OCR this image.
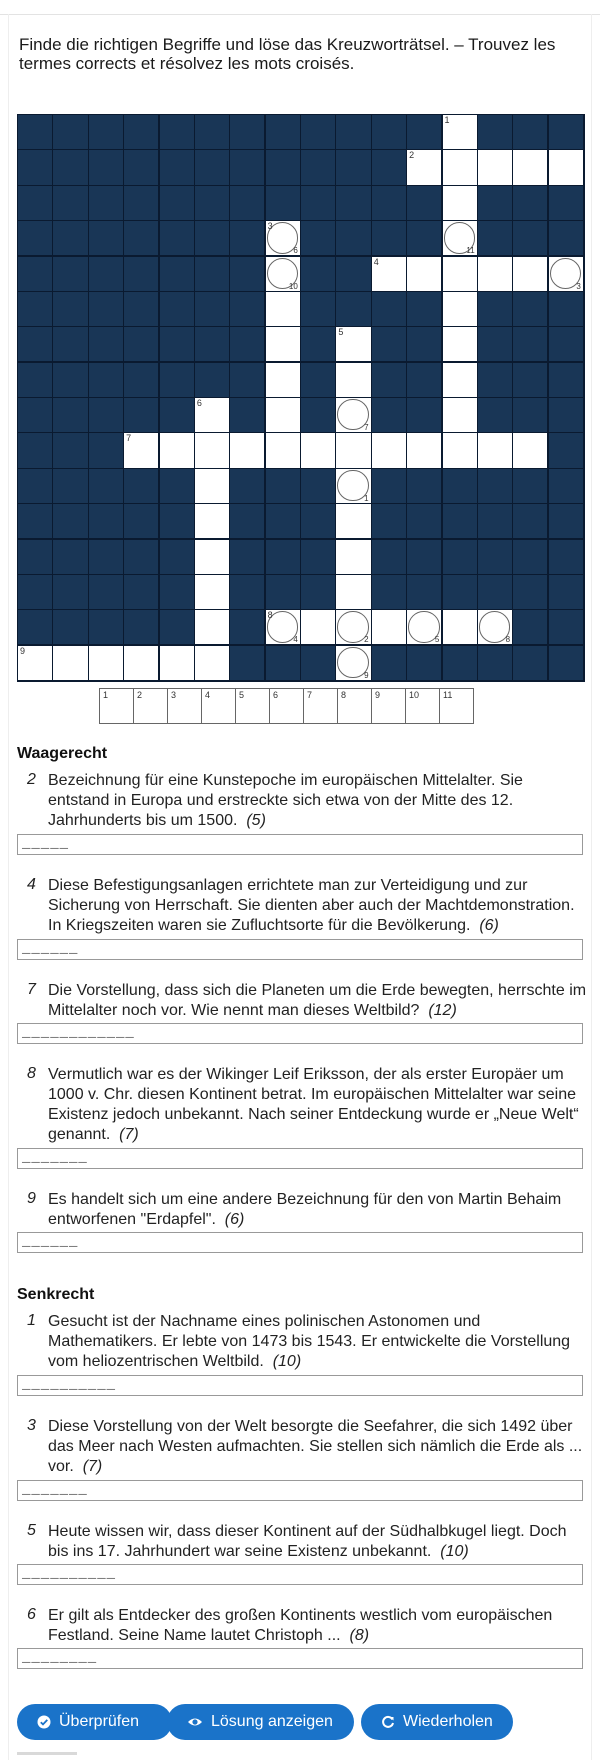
Finde die richtigen Begriffe und löse das Kreuzworträtsel. – Trouvez les termes corrects et résolvez les mots croisés.

1
2
6
3
11
10
4
3
5
6
7
7
1
4
8
2	5	8
9
9
1	2	3	4	5	6	7	8	9	10	11
Waagerecht
2 Bezeichnung für eine Kunstepoche im europäischen Mittelalter. Sie entstand in Europa und erstreckte sich etwa von der Mitte des 12. Jahrhunderts bis um 1500. (5)
_____
4 Diese Befestigungsanlagen errichtete man zur Verteidigung und zur Sicherung von Herrschaft. Sie dienten aber auch der Machtdemonstration. In Kriegszeiten waren sie Zufluchtsorte für die Bevölkerung. (6)
______
7 Die Vorstellung, dass sich die Planeten um die Erde bewegten, herrschte im Mittelalter noch vor. Wie nennt man dieses Weltbild? (12)
____________
8 Vermutlich war es der Wikinger Leif Eriksson, der als erster Europäer um 1000 v. Chr. diesen Kontinent betrat. Im europäischen Mittelalter war seine Existenz jedoch unbekannt. Nach seiner Entdeckung wurde er „Neue Welt“ genannt. (7)
_______
9 Es handelt sich um eine andere Bezeichnung für den von Martin Behaim entworfenen "Erdapfel". (6)
______
Senkrecht
1 Gesucht ist der Nachname eines polinischen Astonomen und Mathematikers. Er lebte von 1473 bis 1543. Er entwickelte die Vorstellung vom heliozentrischen Weltbild. (10)
__________
3 Diese Vorstellung von der Welt besorgte die Seefahrer, die sich 1492 über das Meer nach Westen aufmachten. Sie stellen sich nämlich die Erde als ... vor. (7)
_______
5 Heute wissen wir, dass dieser Kontinent auf der Südhalbkugel liegt. Doch bis ins 17. Jahrhundert war seine Existenz unbekannt. (10)
__________
6 Er gilt als Entdecker des großen Kontinents westlich vom europäischen Festland. Seine Name lautet Christoph ... (8)
________
Überprüfen	Lösung anzeigen	Wiederholen
